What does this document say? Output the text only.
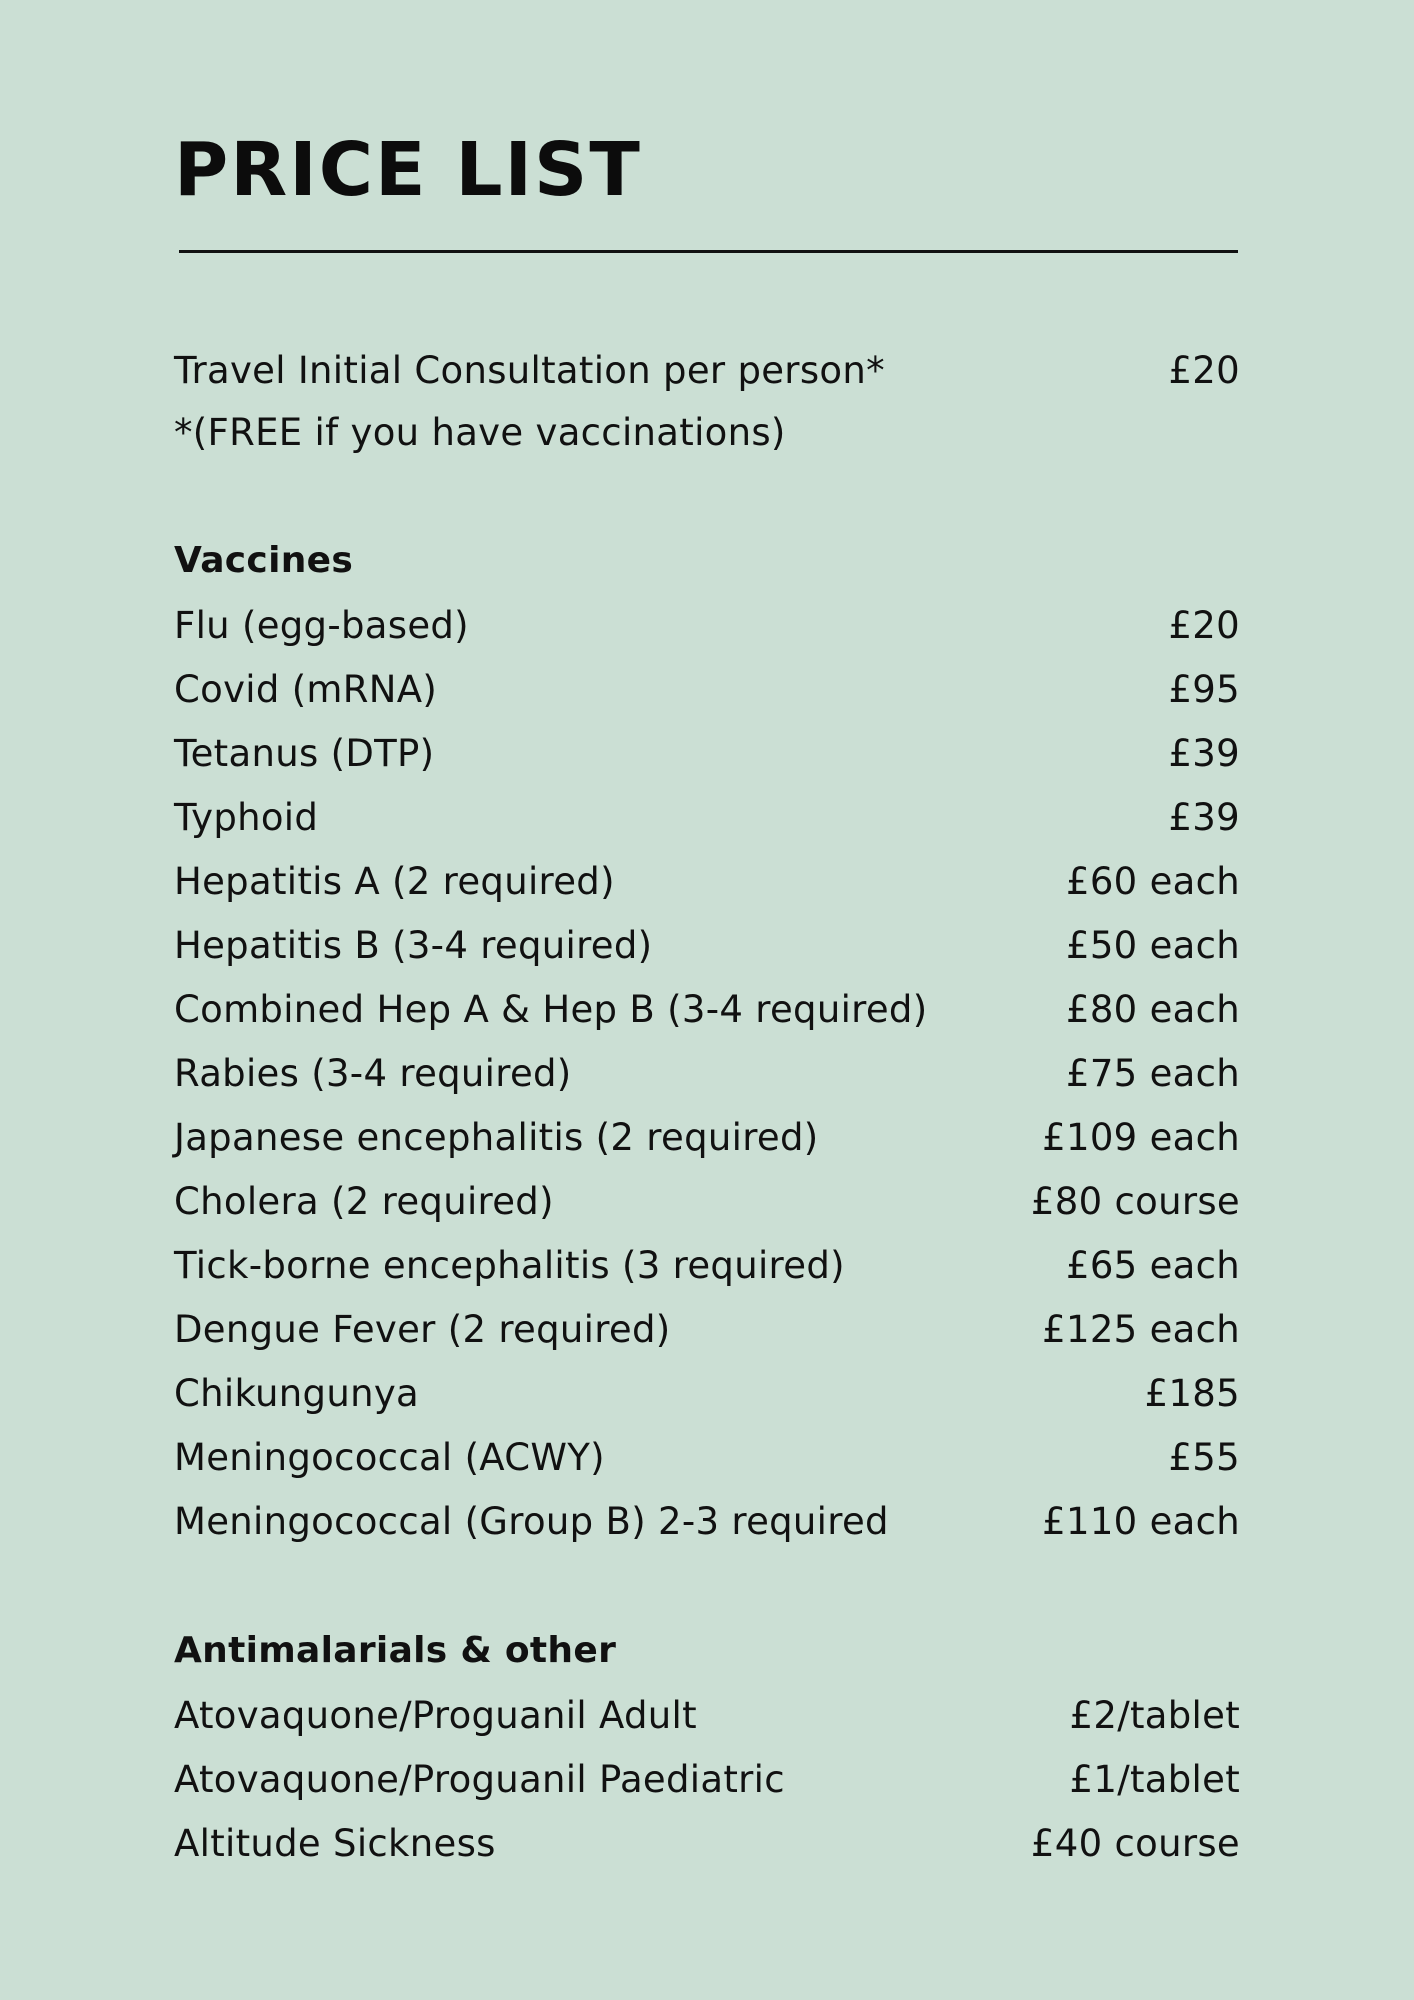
PRICE LIST
Travel Initial Consultation per person*	£20
*(FREE if you have vaccinations)
Vaccines
Flu (egg-based)	£20
Covid (mRNA)	£95
Tetanus (DTP)	£39
Typhoid	£39
Hepatitis A (2 required)	£60 each
Hepatitis B (3-4 required)	£50 each
Combined Hep A & Hep B (3-4 required)	£80 each
Rabies (3-4 required)	£75 each
Japanese encephalitis (2 required)	£109 each
Cholera (2 required)	£80 course
Tick-borne encephalitis (3 required)	£65 each
Dengue Fever (2 required)	£125 each
Chikungunya	£185
Meningococcal (ACWY)	£55
Meningococcal (Group B) 2-3 required	£110 each
Antimalarials & other
Atovaquone/Proguanil Adult	£2/tablet
Atovaquone/Proguanil Paediatric	£1/tablet
Altitude Sickness	£40 course
